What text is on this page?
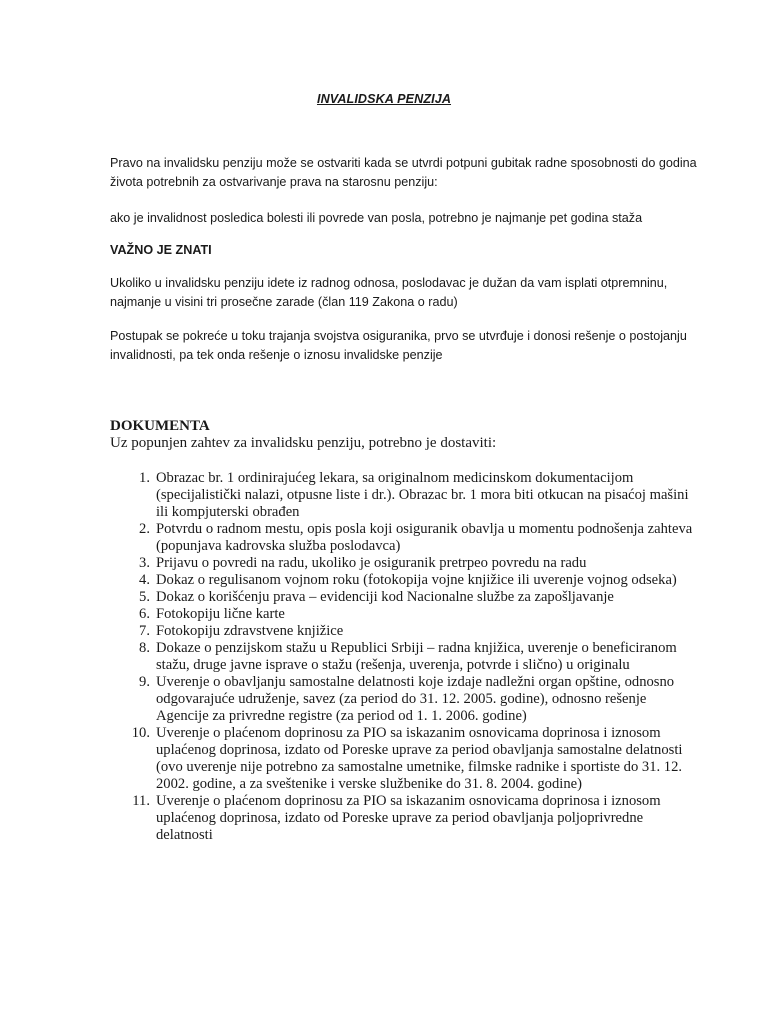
INVALIDSKA PENZIJA

Pravo na invalidsku penziju može se ostvariti kada se utvrdi potpuni gubitak radne sposobnosti do godina života potrebnih za ostvarivanje prava na starosnu penziju:

ako je invalidnost posledica bolesti ili povrede van posla, potrebno je najmanje pet godina staža

VAŽNO JE ZNATI

Ukoliko u invalidsku penziju idete iz radnog odnosa, poslodavac je dužan da vam isplati otpremninu, najmanje u visini tri prosečne zarade (član 119 Zakona o radu)

Postupak se pokreće u toku trajanja svojstva osiguranika, prvo se utvrđuje i donosi rešenje o postojanju invalidnosti, pa tek onda rešenje o iznosu invalidske penzije

DOKUMENTA
Uz popunjen zahtev za invalidsku penziju, potrebno je dostaviti:
1. Obrazac br. 1 ordinirajućeg lekara, sa originalnom medicinskom dokumentacijom (specijalistički nalazi, otpusne liste i dr.). Obrazac br. 1 mora biti otkucan na pisaćoj mašini ili kompjuterski obrađen
2. Potvrdu o radnom mestu, opis posla koji osiguranik obavlja u momentu podnošenja zahteva (popunjava kadrovska služba poslodavca)
3. Prijavu o povredi na radu, ukoliko je osiguranik pretrpeo povredu na radu
4. Dokaz o regulisanom vojnom roku (fotokopija vojne knjižice ili uverenje vojnog odseka)
5. Dokaz o korišćenju prava – evidenciji kod Nacionalne službe za zapošljavanje
6. Fotokopiju lične karte
7. Fotokopiju zdravstvene knjižice
8. Dokaze o penzijskom stažu u Republici Srbiji – radna knjižica, uverenje o beneficiranom stažu, druge javne isprave o stažu (rešenja, uverenja, potvrde i slično) u originalu
9. Uverenje o obavljanju samostalne delatnosti koje izdaje nadležni organ opštine, odnosno odgovarajuće udruženje, savez (za period do 31. 12. 2005. godine), odnosno rešenje Agencije za privredne registre (za period od 1. 1. 2006. godine)
10. Uverenje o plaćenom doprinosu za PIO sa iskazanim osnovicama doprinosa i iznosom uplaćenog doprinosa, izdato od Poreske uprave za period obavljanja samostalne delatnosti (ovo uverenje nije potrebno za samostalne umetnike, filmske radnike i sportiste do 31. 12. 2002. godine, a za sveštenike i verske službenike do 31. 8. 2004. godine)
11. Uverenje o plaćenom doprinosu za PIO sa iskazanim osnovicama doprinosa i iznosom uplaćenog doprinosa, izdato od Poreske uprave za period obavljanja poljoprivredne delatnosti
